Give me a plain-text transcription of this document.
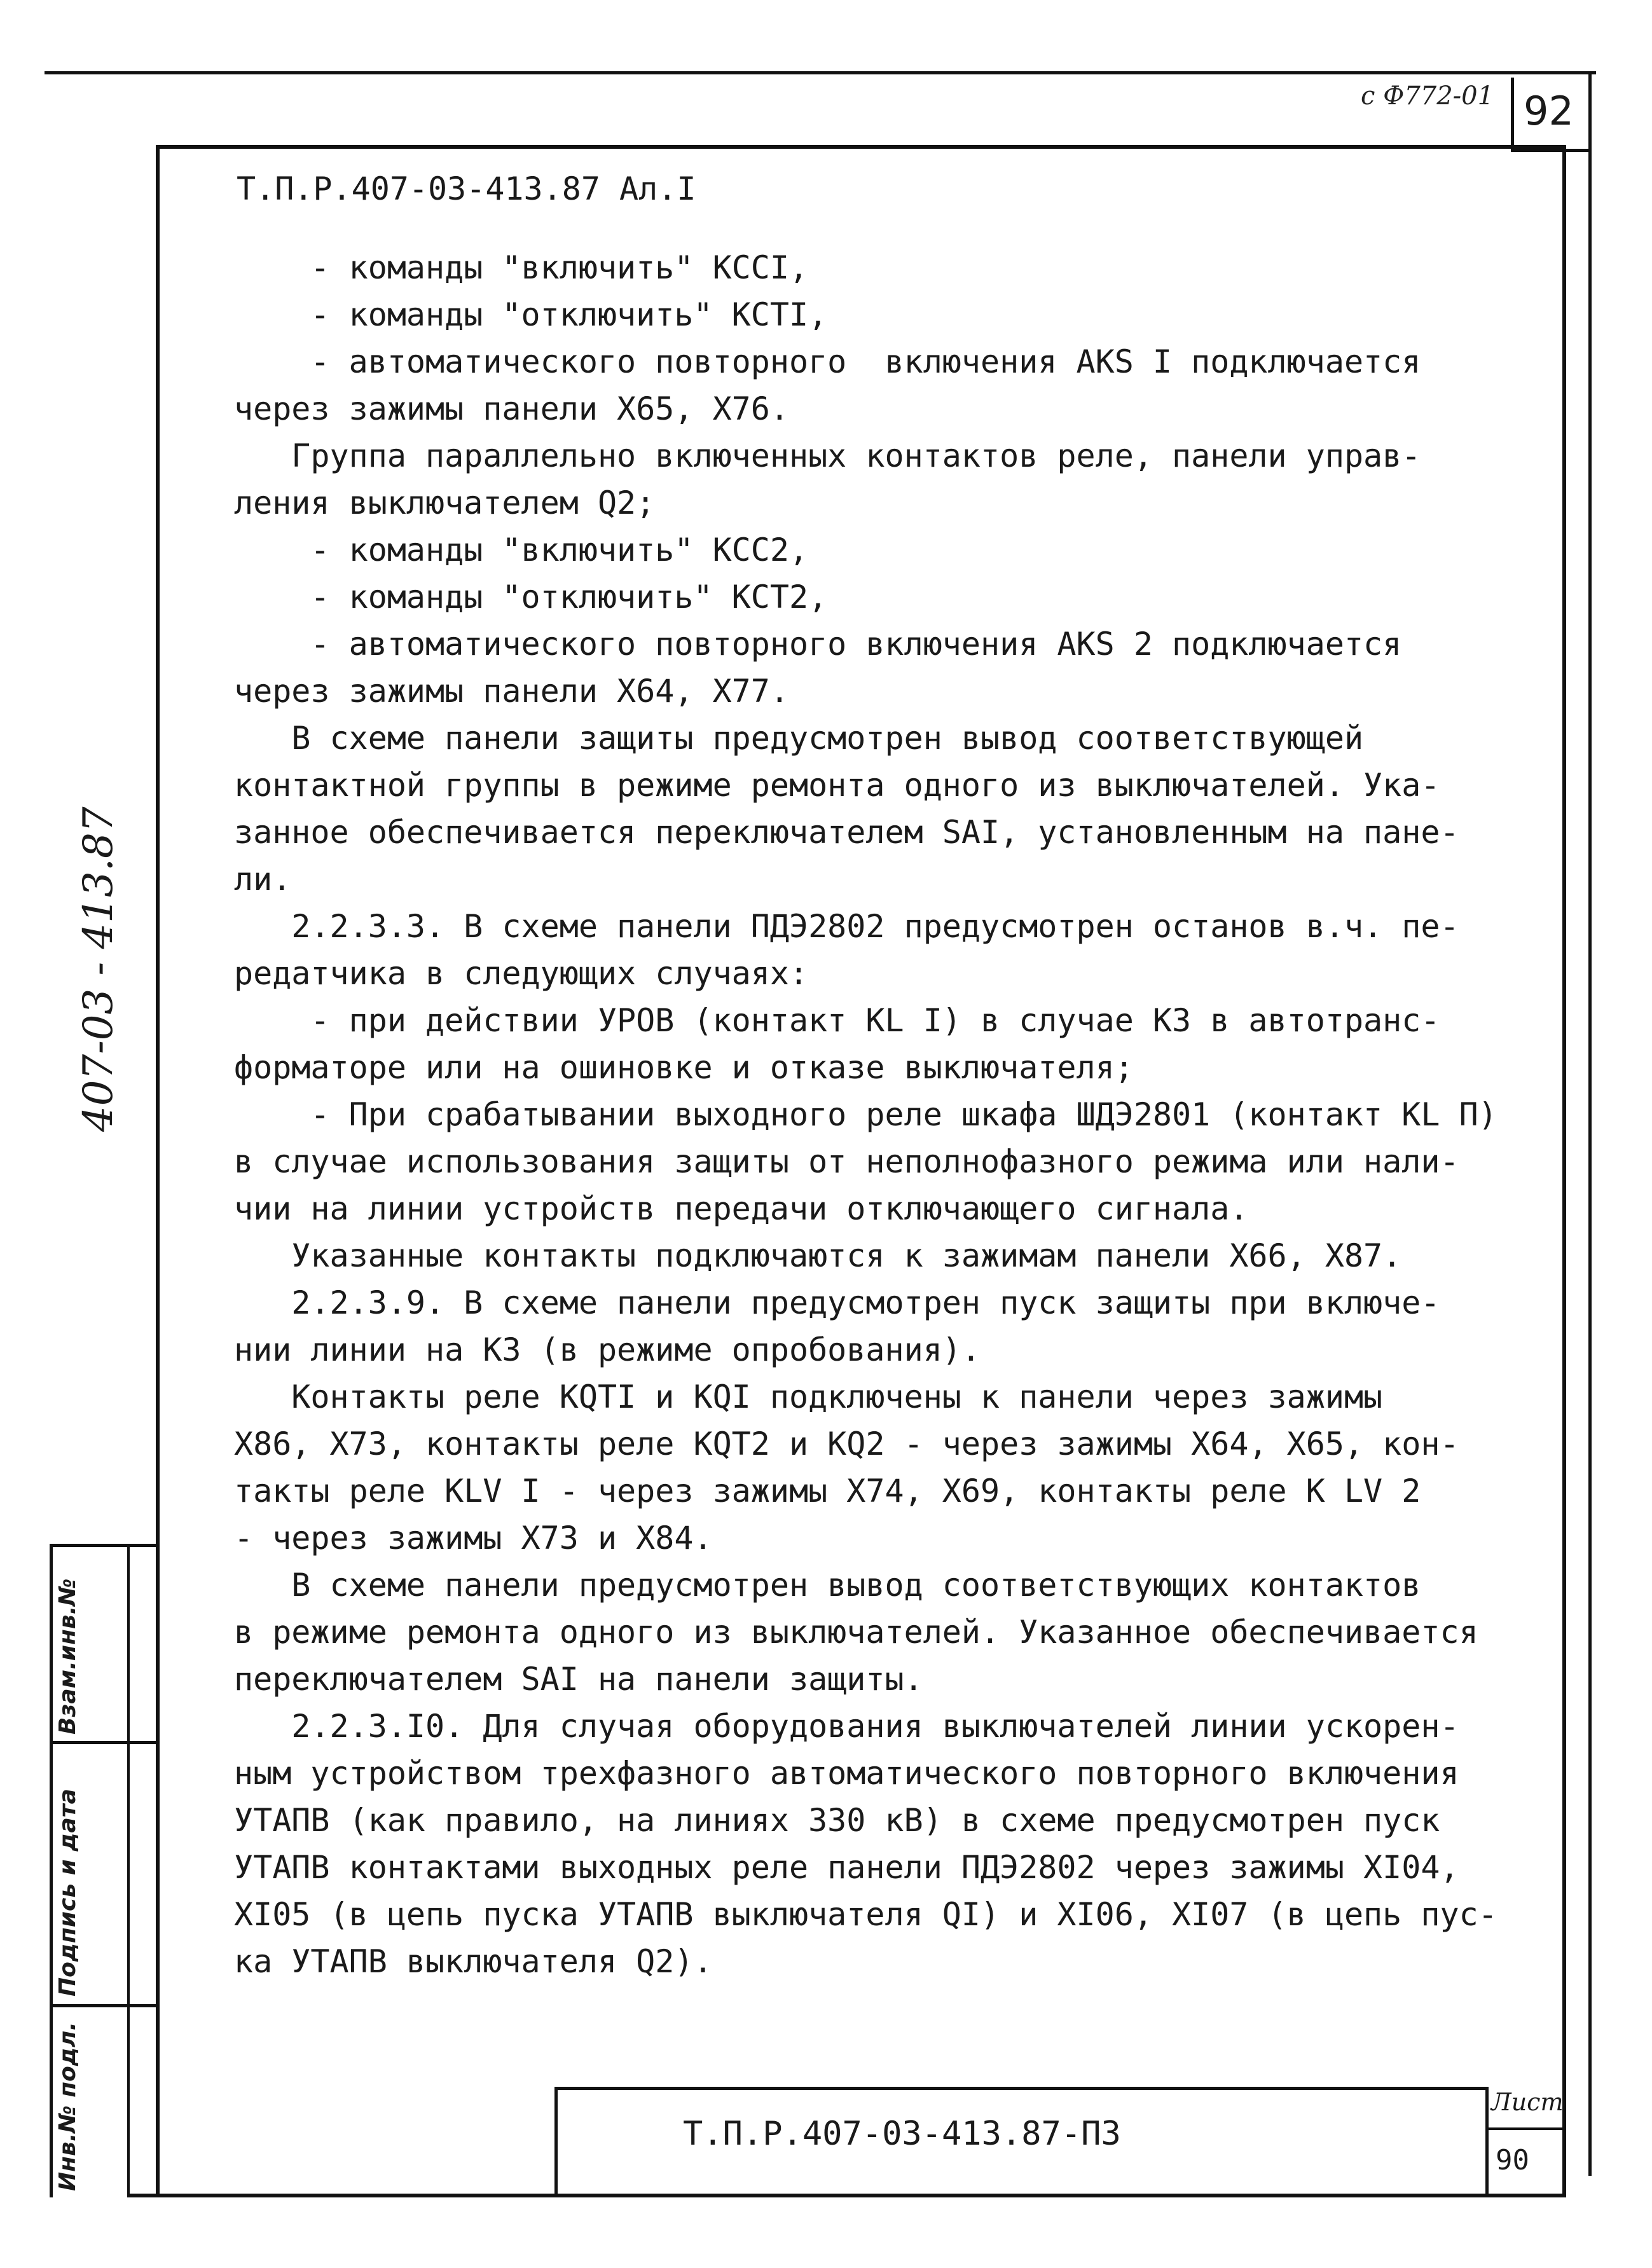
с Ф772-01 92
Взам.инв.№
Подпись и дата
Инв.№ подл.
407-03 - 413.87
Т.П.Р.407-03-413.87 Ал.I
- команды "включить" КССI,
- команды "отключить" КСТI,
- автоматического повторного  включения AKS I подключается
через зажимы панели X65, X76.
Группа параллельно включенных контактов реле, панели управ-
ления выключателем Q2;
- команды "включить" КСС2,
- команды "отключить" КСТ2,
- автоматического повторного включения AKS 2 подключается
через зажимы панели X64, X77.
В схеме панели защиты предусмотрен вывод соответствующей
контактной группы в режиме ремонта одного из выключателей. Ука-
занное обеспечивается переключателем SAI, установленным на пане-
ли.
2.2.3.3. В схеме панели ПДЭ2802 предусмотрен останов в.ч. пе-
редатчика в следующих случаях:
- при действии УРОВ (контакт KL I) в случае КЗ в автотранс-
форматоре или на ошиновке и отказе выключателя;
- При срабатывании выходного реле шкафа ШДЭ2801 (контакт KL П)
в случае использования защиты от неполнофазного режима или нали-
чии на линии устройств передачи отключающего сигнала.
Указанные контакты подключаются к зажимам панели X66, X87.
2.2.3.9. В схеме панели предусмотрен пуск защиты при включе-
нии линии на КЗ (в режиме опробования).
Контакты реле KQTI и KQI подключены к панели через зажимы
X86, X73, контакты реле KQT2 и KQ2 - через зажимы X64, X65, кон-
такты реле KLV I - через зажимы X74, X69, контакты реле K LV 2
- через зажимы X73 и X84.
В схеме панели предусмотрен вывод соответствующих контактов
в режиме ремонта одного из выключателей. Указанное обеспечивается
переключателем SAI на панели защиты.
2.2.3.I0. Для случая оборудования выключателей линии ускорен-
ным устройством трехфазного автоматического повторного включения
УТАПВ (как правило, на линиях 330 кВ) в схеме предусмотрен пуск
УТАПВ контактами выходных реле панели ПДЭ2802 через зажимы XI04,
XI05 (в цепь пуска УТАПВ выключателя QI) и XI06, XI07 (в цепь пус-
ка УТАПВ выключателя Q2).
Т.П.Р.407-03-413.87-ПЗ
Лист
90
